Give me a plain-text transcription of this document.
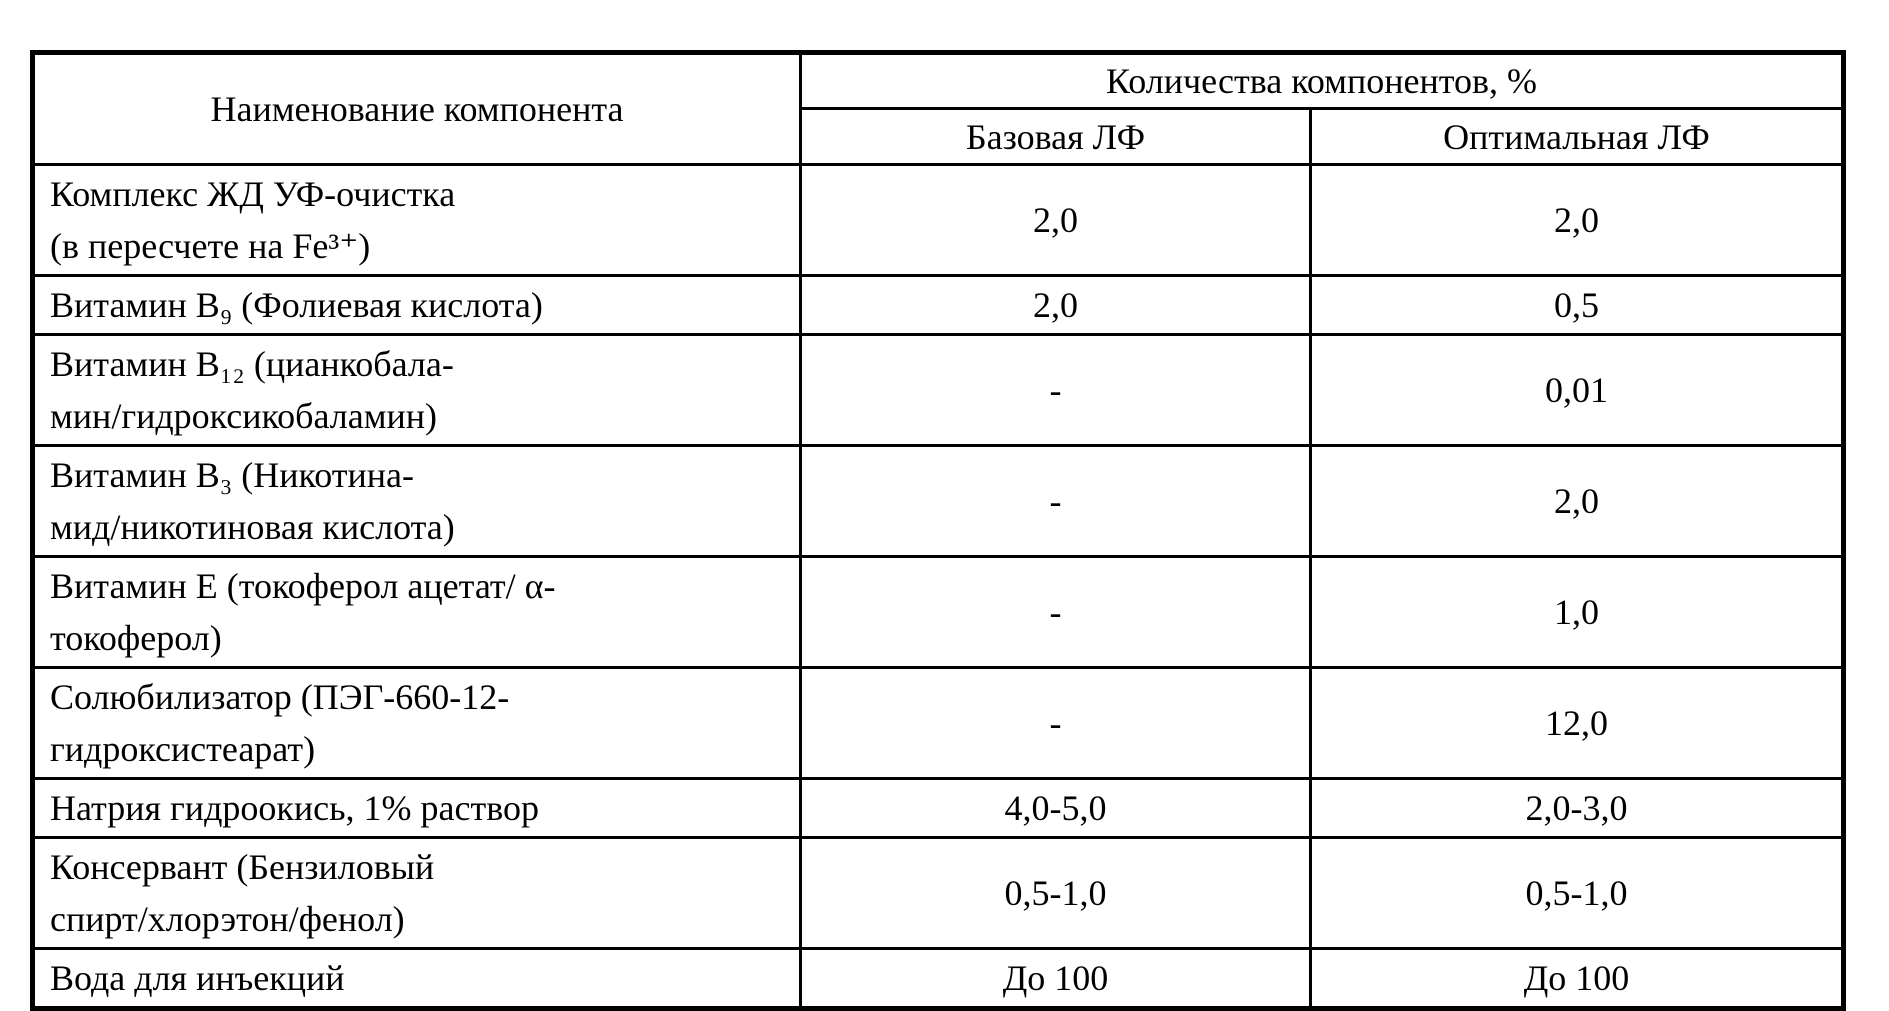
Наименование компонента	Количества компонентов, %	
	Базовая ЛФ	Оптимальная ЛФ
Комплекс ЖД УФ-очистка
(в пересчете на Fe³⁺)	2,0	2,0
Витамин В₉ (Фолиевая кислота)	2,0	0,5
Витамин В₁₂ (цианкобала-
мин/гидроксикобаламин)	-	0,01
Витамин В₃ (Никотина-
мид/никотиновая кислота)	-	2,0
Витамин Е (токоферол ацетат/ α-
токоферол)	-	1,0
Солюбилизатор (ПЭГ-660-12-
гидроксистеарат)	-	12,0
Натрия гидроокись, 1% раствор	4,0-5,0	2,0-3,0
Консервант (Бензиловый
спирт/хлорэтон/фенол)	0,5-1,0	0,5-1,0
Вода для инъекций	До 100	До 100
